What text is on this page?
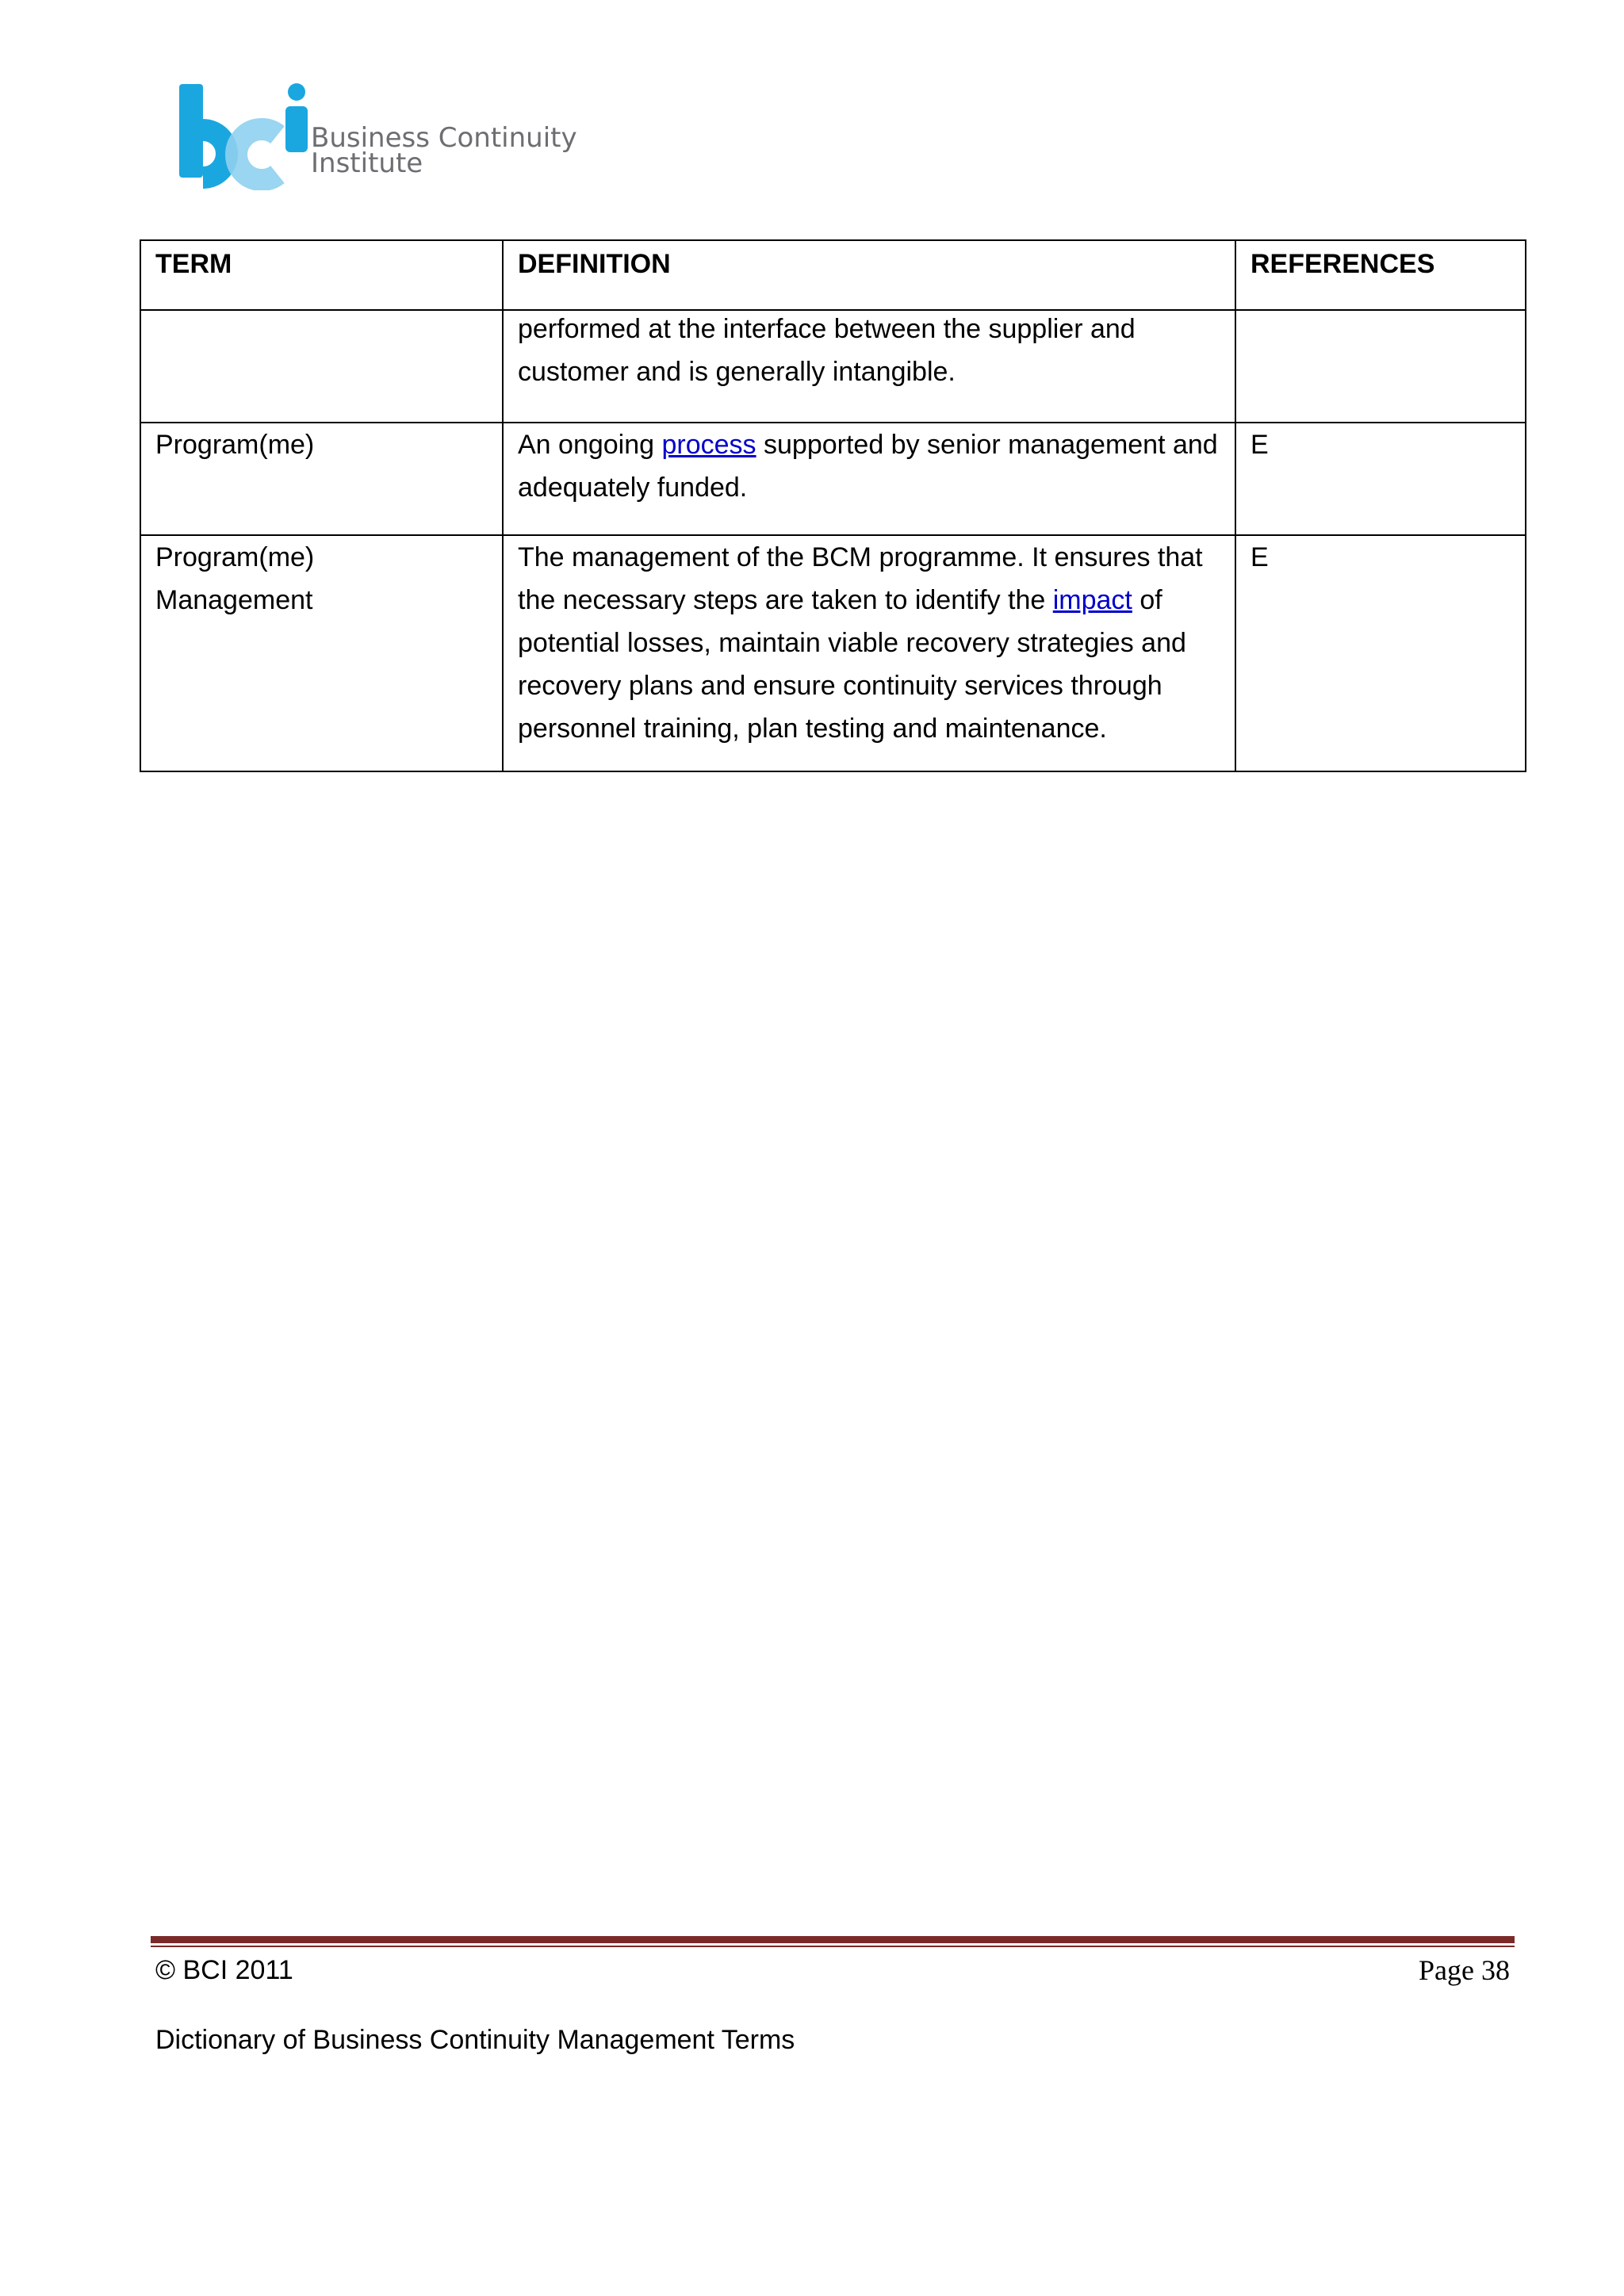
Business Continuity
Institute
TERM	DEFINITION	REFERENCES

	performed at the interface between the supplier and customer and is generally intangible.	

Program(me)	An ongoing process supported by senior management and adequately funded.	E

Program(me)
Management	The management of the BCM programme. It ensures that the necessary steps are taken to identify the impact of potential losses, maintain viable recovery strategies and recovery plans and ensure continuity services through personnel training, plan testing and maintenance.	E
© BCI 2011	Page 38
Dictionary of Business Continuity Management Terms
